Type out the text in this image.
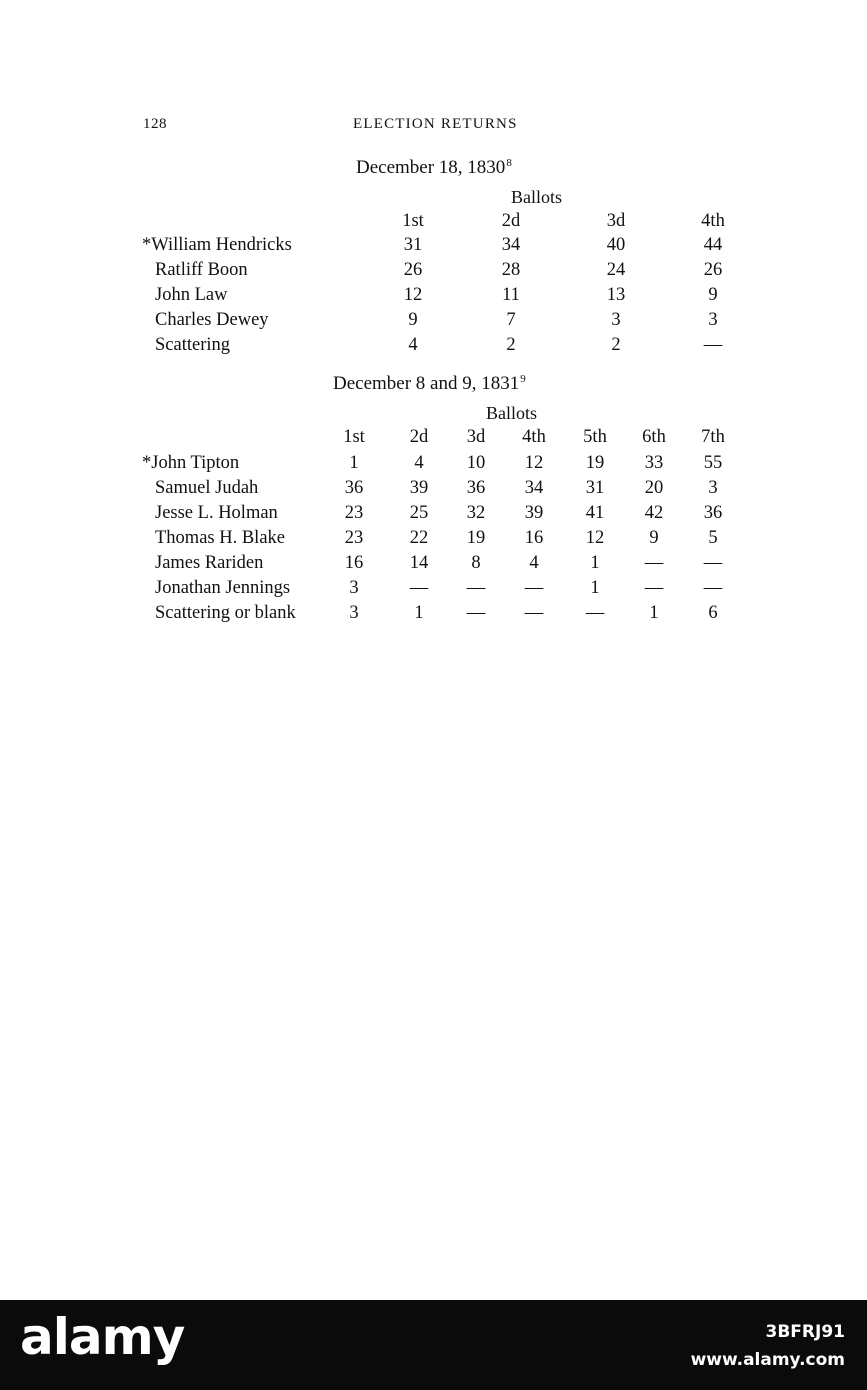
128	ELECTION RETURNS
December 18, 1830$^8$
Ballots
1st	2d	3d	4th
*William Hendricks	31	34	40	44
Ratliff Boon	26	28	24	26
John Law	12	11	13	9
Charles Dewey	9	7	3	3
Scattering	4	2	2	—
December 8 and 9, 1831$^9$
Ballots
1st 2d 3d 4th 5th 6th 7th
*John Tipton	1	4 10 12 19 33 55
Samuel Judah	36	39 36 34 31 20 3
Jesse L. Holman	23	25 32 39 41 42 36
Thomas H. Blake	23	22 19 16 12 9	5
James Rariden	16	14 8	4	1 — —
Jonathan Jennings	3	— — —	1 — —
Scattering or blank	3	1 — — — 1	6
alamy	3BFRJ91
www.alamy.com
